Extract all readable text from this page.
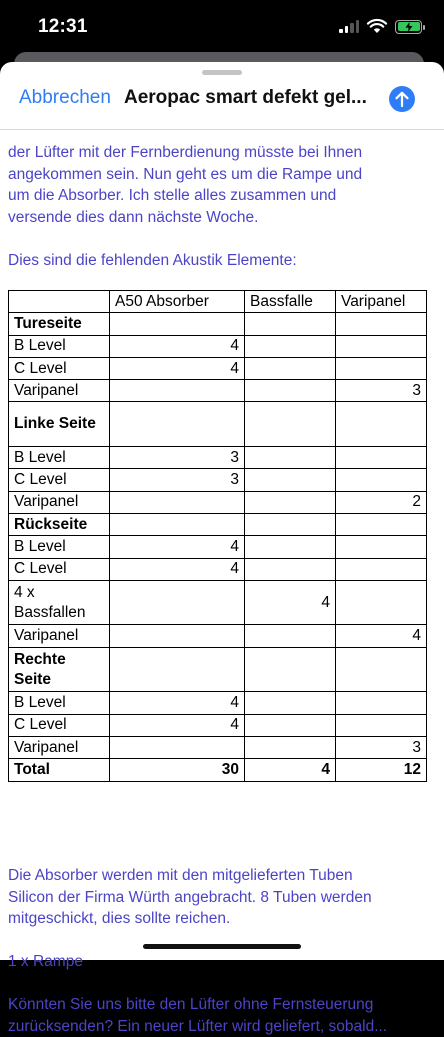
12:31
Abbrechen Aeropac smart defekt gel...

der Lüfter mit der Fernberdienung müsste bei Ihnen
angekommen sein. Nun geht es um die Rampe und
um die Absorber. Ich stelle alles zusammen und
versende dies dann nächste Woche.

Dies sind die fehlenden Akustik Elemente:

	A50 Absorber	Bassfalle	Varipanel
Tureseite			
B Level	4		
C Level	4		
Varipanel			3
Linke Seite			
B Level	3		
C Level	3		
Varipanel			2
Rückseite			
B Level	4		
C Level	4		
4 x Bassfallen		4	
Varipanel			4
Rechte Seite			
B Level	4		
C Level	4		
Varipanel			3
Total	30	4	12

Die Absorber werden mit den mitgelieferten Tuben
Silicon der Firma Würth angebracht. 8 Tuben werden
mitgeschickt, dies sollte reichen.

1 x Rampe

Könnten Sie uns bitte den Lüfter ohne Fernsteuerung
zurücksenden? Ein neuer Lüfter wird geliefert, sobald...
